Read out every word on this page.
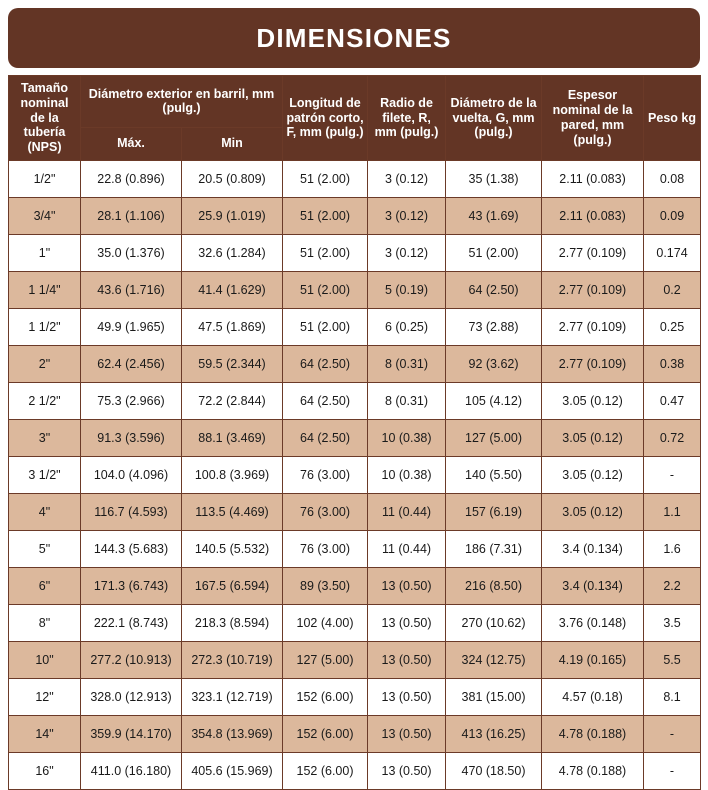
DIMENSIONES
Tamaño nominal de la tubería (NPS)	Diámetro exterior en barril, mm (pulg.)		Longitud de patrón corto, F, mm (pulg.)	Radio de filete, R, mm (pulg.)	Diámetro de la vuelta, G, mm (pulg.)	Espesor nominal de la pared, mm (pulg.)	Peso kg
	Máx.	Min					
1/2"	22.8 (0.896)	20.5 (0.809)	51 (2.00)	3 (0.12)	35 (1.38)	2.11 (0.083)	0.08
3/4"	28.1 (1.106)	25.9 (1.019)	51 (2.00)	3 (0.12)	43 (1.69)	2.11 (0.083)	0.09
1"	35.0 (1.376)	32.6 (1.284)	51 (2.00)	3 (0.12)	51 (2.00)	2.77 (0.109)	0.174
1 1/4"	43.6 (1.716)	41.4 (1.629)	51 (2.00)	5 (0.19)	64 (2.50)	2.77 (0.109)	0.2
1 1/2"	49.9 (1.965)	47.5 (1.869)	51 (2.00)	6 (0.25)	73 (2.88)	2.77 (0.109)	0.25
2"	62.4 (2.456)	59.5 (2.344)	64 (2.50)	8 (0.31)	92 (3.62)	2.77 (0.109)	0.38
2 1/2"	75.3 (2.966)	72.2 (2.844)	64 (2.50)	8 (0.31)	105 (4.12)	3.05 (0.12)	0.47
3"	91.3 (3.596)	88.1 (3.469)	64 (2.50)	10 (0.38)	127 (5.00)	3.05 (0.12)	0.72
3 1/2"	104.0 (4.096)	100.8 (3.969)	76 (3.00)	10 (0.38)	140 (5.50)	3.05 (0.12)	-
4"	116.7 (4.593)	113.5 (4.469)	76 (3.00)	11 (0.44)	157 (6.19)	3.05 (0.12)	1.1
5"	144.3 (5.683)	140.5 (5.532)	76 (3.00)	11 (0.44)	186 (7.31)	3.4 (0.134)	1.6
6"	171.3 (6.743)	167.5 (6.594)	89 (3.50)	13 (0.50)	216 (8.50)	3.4 (0.134)	2.2
8"	222.1 (8.743)	218.3 (8.594)	102 (4.00)	13 (0.50)	270 (10.62)	3.76 (0.148)	3.5
10"	277.2 (10.913)	272.3 (10.719)	127 (5.00)	13 (0.50)	324 (12.75)	4.19 (0.165)	5.5
12"	328.0 (12.913)	323.1 (12.719)	152 (6.00)	13 (0.50)	381 (15.00)	4.57 (0.18)	8.1
14"	359.9 (14.170)	354.8 (13.969)	152 (6.00)	13 (0.50)	413 (16.25)	4.78 (0.188)	-
16"	411.0 (16.180)	405.6 (15.969)	152 (6.00)	13 (0.50)	470 (18.50)	4.78 (0.188)	-
